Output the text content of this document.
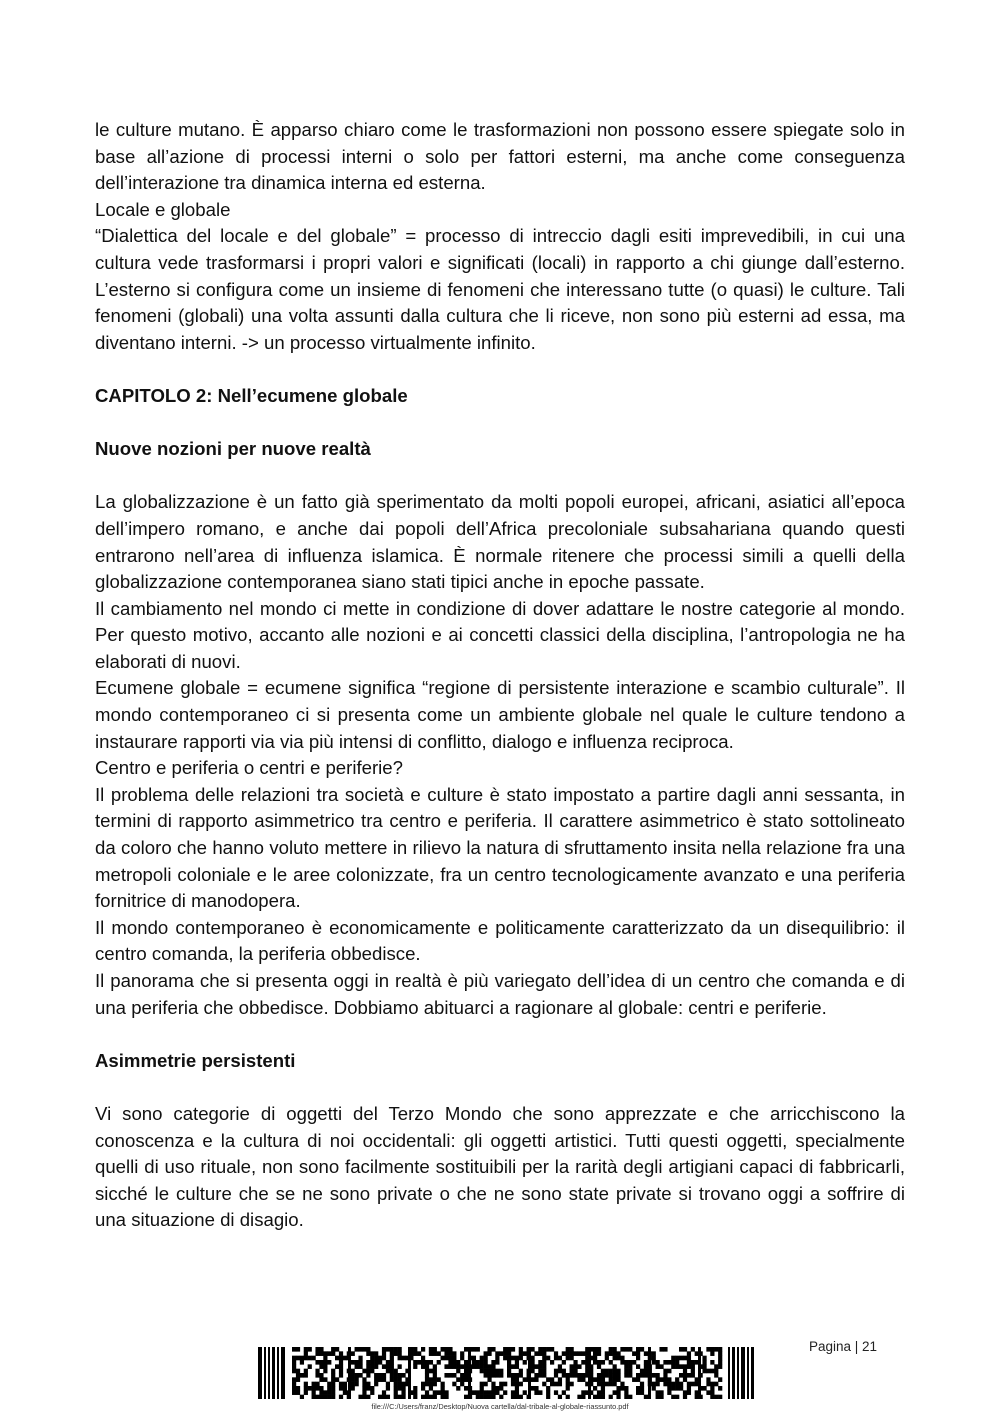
le culture mutano. È apparso chiaro come le trasformazioni non possono essere spiegate solo in base all’azione di processi interni o solo per fattori esterni, ma anche come conseguenza dell’interazione tra dinamica interna ed esterna.

Locale e globale

“Dialettica del locale e del globale” = processo di intreccio dagli esiti imprevedibili, in cui una cultura vede trasformarsi i propri valori e significati (locali) in rapporto a chi giunge dall’esterno. L’esterno si configura come un insieme di fenomeni che interessano tutte (o quasi) le culture. Tali fenomeni (globali) una volta assunti dalla cultura che li riceve, non sono più esterni ad essa, ma diventano interni. -> un processo virtualmente infinito.

CAPITOLO 2: Nell’ecumene globale
Nuove nozioni per nuove realtà

La globalizzazione è un fatto già sperimentato da molti popoli europei, africani, asiatici all’epoca dell’impero romano, e anche dai popoli dell’Africa precoloniale subsahariana quando questi entrarono nell’area di influenza islamica. È normale ritenere che processi simili a quelli della globalizzazione contemporanea siano stati tipici anche in epoche passate.

Il cambiamento nel mondo ci mette in condizione di dover adattare le nostre categorie al mondo. Per questo motivo, accanto alle nozioni e ai concetti classici della disciplina, l’antropologia ne ha elaborati di nuovi.

Ecumene globale = ecumene significa “regione di persistente interazione e scambio culturale”. Il mondo contemporaneo ci si presenta come un ambiente globale nel quale le culture tendono a instaurare rapporti via via più intensi di conflitto, dialogo e influenza reciproca.

Centro e periferia o centri e periferie?

Il problema delle relazioni tra società e culture è stato impostato a partire dagli anni sessanta, in termini di rapporto asimmetrico tra centro e periferia. Il carattere asimmetrico è stato sottolineato da coloro che hanno voluto mettere in rilievo la natura di sfruttamento insita nella relazione fra una metropoli coloniale e le aree colonizzate, fra un centro tecnologicamente avanzato e una periferia fornitrice di manodopera.

Il mondo contemporaneo è economicamente e politicamente caratterizzato da un disequilibrio: il centro comanda, la periferia obbedisce.

Il panorama che si presenta oggi in realtà è più variegato dell’idea di un centro che comanda e di una periferia che obbedisce. Dobbiamo abituarci a ragionare al globale: centri e periferie.

Asimmetrie persistenti

Vi sono categorie di oggetti del Terzo Mondo che sono apprezzate e che arricchiscono la conoscenza e la cultura di noi occidentali: gli oggetti artistici. Tutti questi oggetti, specialmente quelli di uso rituale, non sono facilmente sostituibili per la rarità degli artigiani capaci di fabbricarli, sicché le culture che se ne sono private o che ne sono state private si trovano oggi a soffrire di una situazione di disagio.

Pagina | 21
file:///C:/Users/franz/Desktop/Nuova cartella/dal-tribale-al-globale-riassunto.pdf
